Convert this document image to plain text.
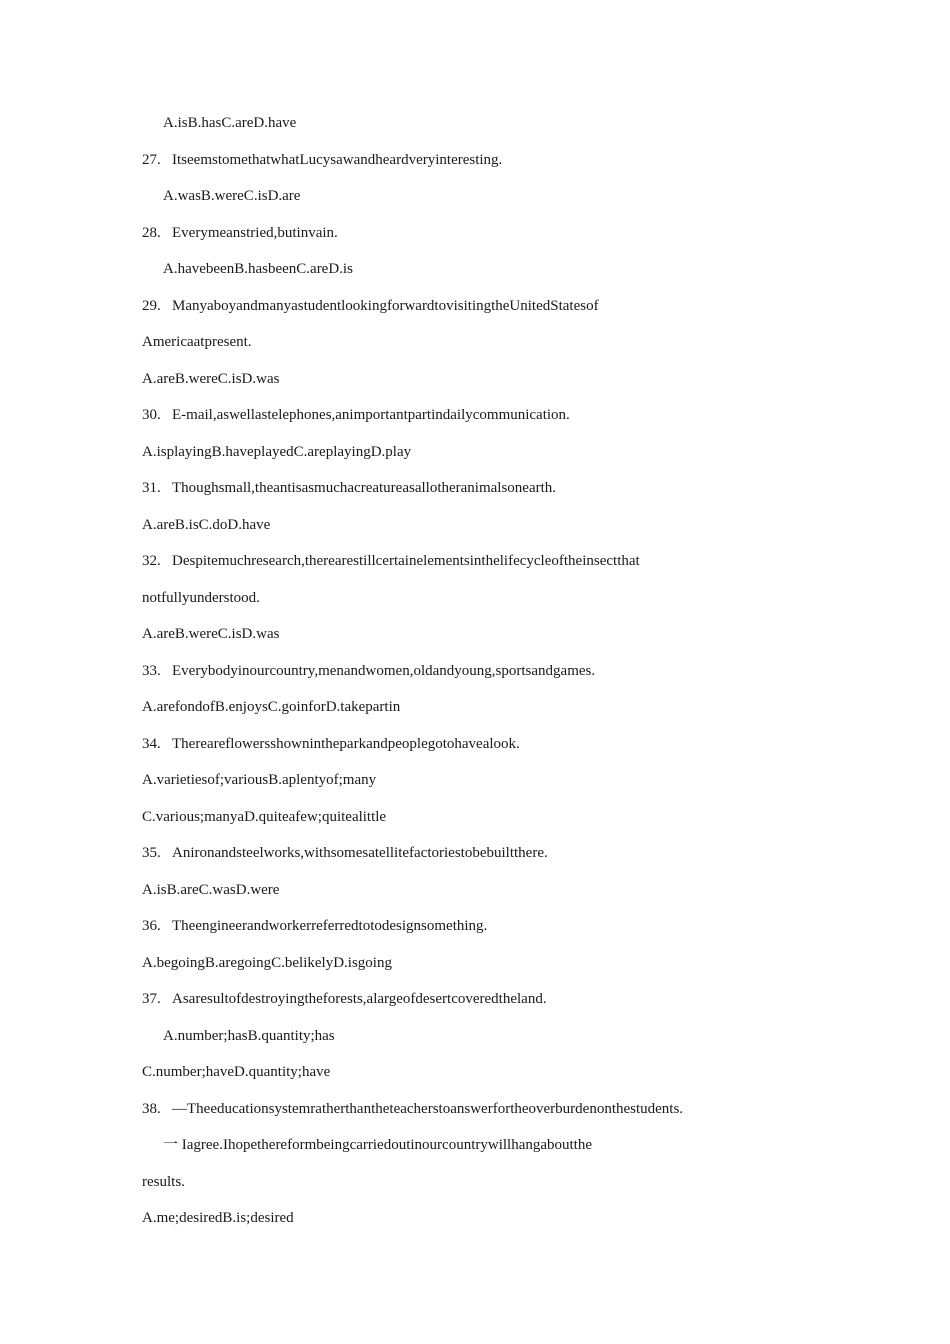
A.isB.hasC.areD.have
27. ItseemstomethatwhatLucysawandheardveryinteresting.
A.wasB.wereC.isD.are
28. Everymeanstried,butinvain.
A.havebeenB.hasbeenC.areD.is
29. ManyaboyandmanyastudentlookingforwardtovisitingtheUnitedStatesof
Americaatpresent.
A.areB.wereC.isD.was
30. E-mail,aswellastelephones,animportantpartindailycommunication.
A.isplayingB.haveplayedC.areplayingD.play
31. Thoughsmall,theantisasmuchacreatureasallotheranimalsonearth.
A.areB.isC.doD.have
32. Despitemuchresearch,therearestillcertainelementsinthelifecycleoftheinsectthat
notfullyunderstood.
A.areB.wereC.isD.was
33. Everybodyinourcountry,menandwomen,oldandyoung,sportsandgames.
A.arefondofB.enjoysC.goinforD.takepartin
34. Thereareflowersshowninthepark​andpeoplegotohavealook.
A.varietiesof;variousB.aplentyof;many
C.various;manyaD.quiteafew;quitealittle
35. Anironandsteelworks,withsomesatellitefactoriestobebuiltthere.
A.isB.areC.wasD.were
36. Theengineerandworkerreferredtotodesignsomething.
A.begoingB.aregoingC.belikelyD.isgoing
37. Asaresultofdestroyingtheforests,alargeofdesertcoveredtheland.
A.number;hasB.quantity;has
C.number;haveD.quantity;have
38. —Theeducationsystemratherthantheteacherstoanswerfortheoverburdenonthestudents.
一 Iagree.Ihopethereformbeingcarriedoutinourcountrywillhangaboutthe
results.
A.me;desiredB.is;desired
